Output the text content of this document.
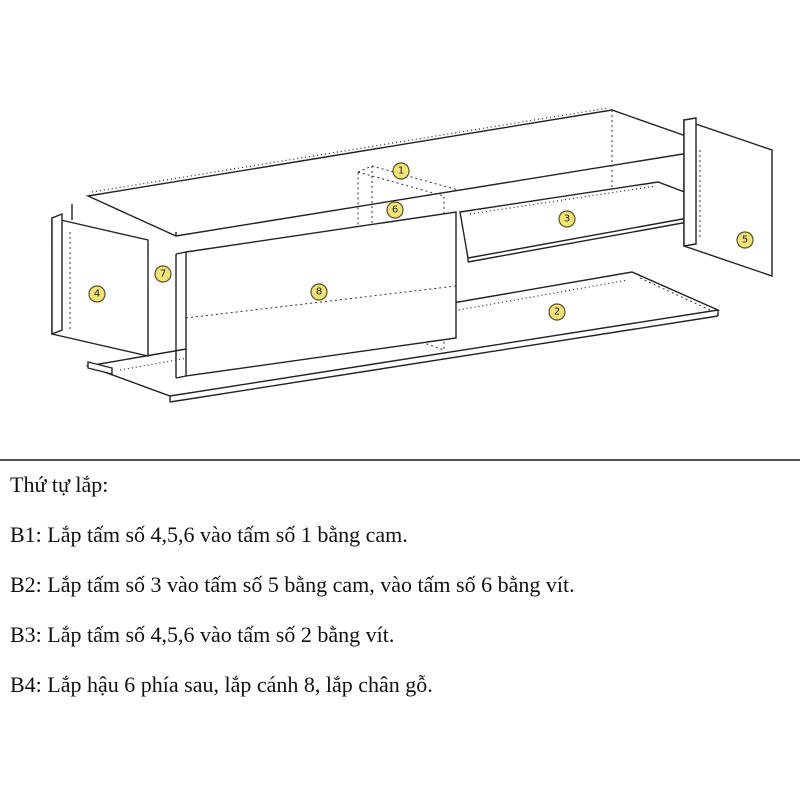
1
2
3
4
5
6
7
8
Thứ tự lắp:
B1: Lắp tấm số 4,5,6 vào tấm số 1 bằng cam.
B2: Lắp tấm số 3 vào tấm số 5 bằng cam, vào tấm số 6 bằng vít.
B3: Lắp tấm số 4,5,6 vào tấm số 2 bằng vít.
B4: Lắp hậu 6 phía sau, lắp cánh 8, lắp chân gỗ.
